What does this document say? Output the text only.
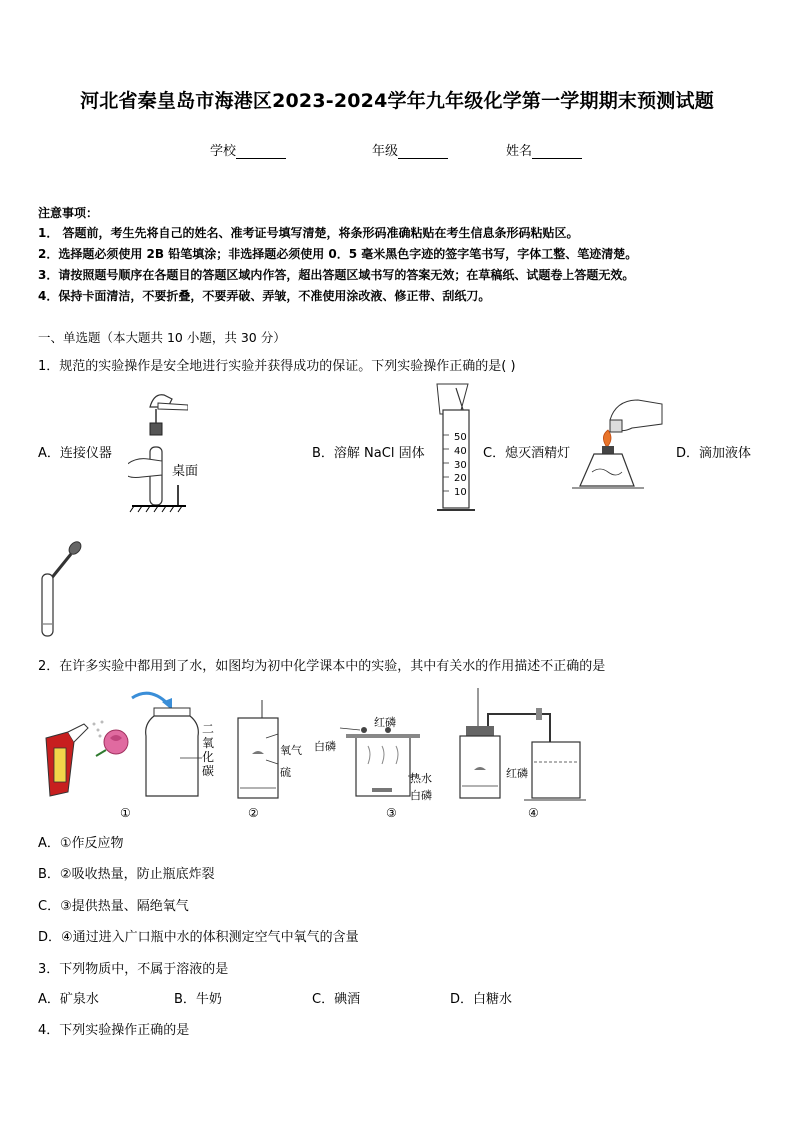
河北省秦皇岛市海港区2023-2024学年九年级化学第一学期期末预测试题
学校	年级	姓名
注意事项：
1． 答题前，考生先将自己的姓名、准考证号填写清楚，将条形码准确粘贴在考生信息条形码粘贴区。
2．选择题必须使用 2B 铅笔填涂；非选择题必须使用 0．5 毫米黑色字迹的签字笔书写，字体工整、笔迹清楚。
3．请按照题号顺序在各题目的答题区域内作答，超出答题区域书写的答案无效；在草稿纸、试题卷上答题无效。
4．保持卡面清洁，不要折叠，不要弄破、弄皱，不准使用涂改液、修正带、刮纸刀。
一、单选题（本大题共 10 小题，共 30 分）
1．规范的实验操作是安全地进行实验并获得成功的保证。下列实验操作正确的是( )
桌面
A．连接仪器
50
40
30
20
10
B．溶解 NaCl 固体	C．熄灭酒精灯	D．滴加液体
2．在许多实验中都用到了水，如图均为初中化学课本中的实验，其中有关水的作用描述不正确的是
二
氧
化
碳
氧气
硫
红磷
白磷
热水
白磷
红磷
①	②	③	④
A．①作反应物
B．②吸收热量，防止瓶底炸裂
C．③提供热量、隔绝氧气
D．④通过进入广口瓶中水的体积测定空气中氧气的含量
3．下列物质中，不属于溶液的是
A．矿泉水	B．牛奶	C．碘酒	D．白糖水
4．下列实验操作正确的是
